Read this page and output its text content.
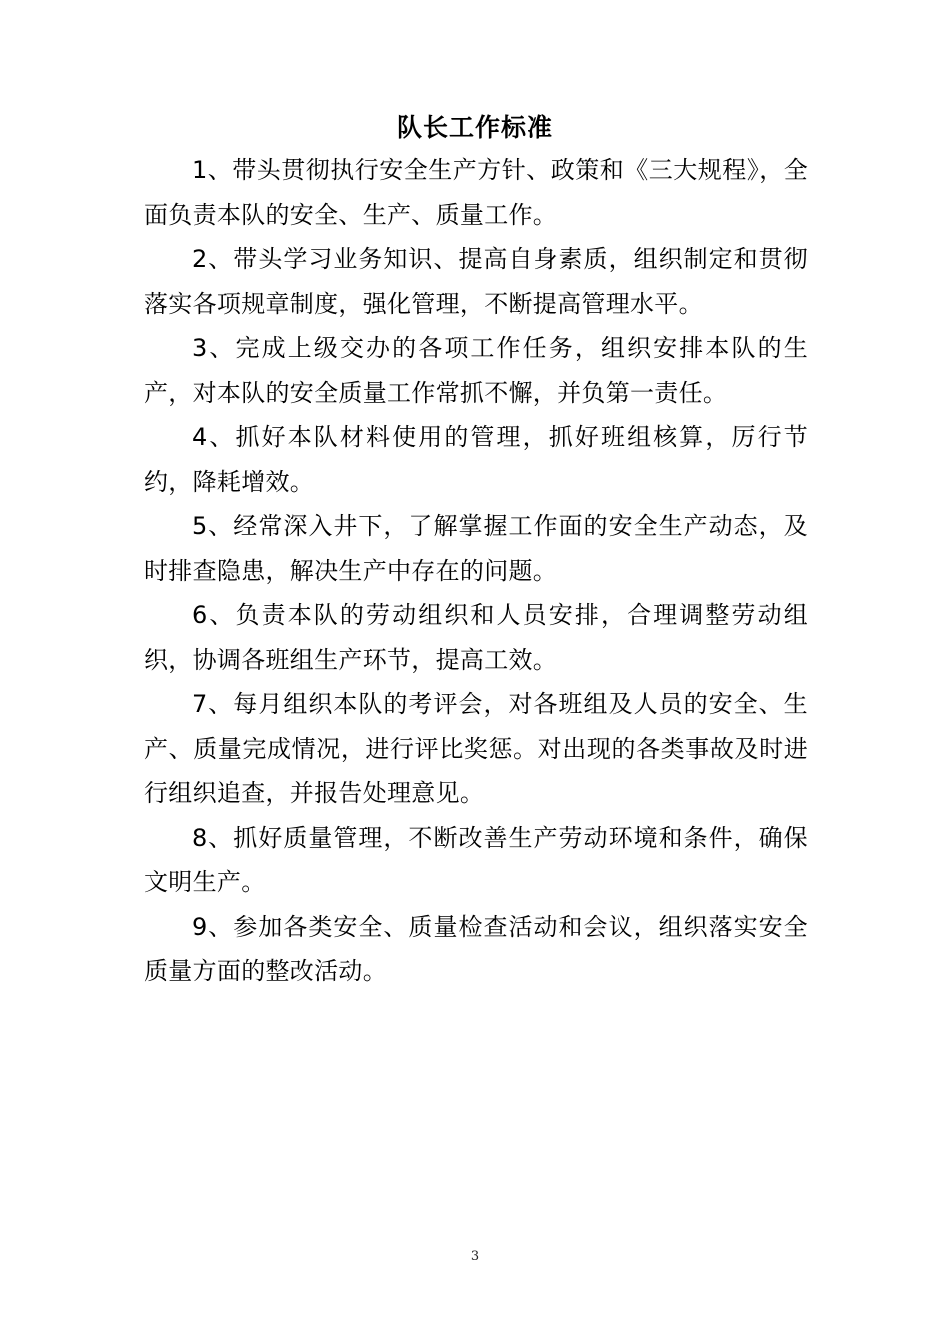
队长工作标准

1、带头贯彻执行安全生产方针、政策和《三大规程》，全面负责本队的安全、生产、质量工作。

2、带头学习业务知识、提高自身素质，组织制定和贯彻落实各项规章制度，强化管理，不断提高管理水平。

3、完成上级交办的各项工作任务，组织安排本队的生产，对本队的安全质量工作常抓不懈，并负第一责任。

4、抓好本队材料使用的管理，抓好班组核算，厉行节约，降耗增效。

5、经常深入井下，了解掌握工作面的安全生产动态，及时排查隐患，解决生产中存在的问题。

6、负责本队的劳动组织和人员安排，合理调整劳动组织，协调各班组生产环节，提高工效。

7、每月组织本队的考评会，对各班组及人员的安全、生产、质量完成情况，进行评比奖惩。对出现的各类事故及时进行组织追查，并报告处理意见。

8、抓好质量管理，不断改善生产劳动环境和条件，确保文明生产。

9、参加各类安全、质量检查活动和会议，组织落实安全质量方面的整改活动。

3
